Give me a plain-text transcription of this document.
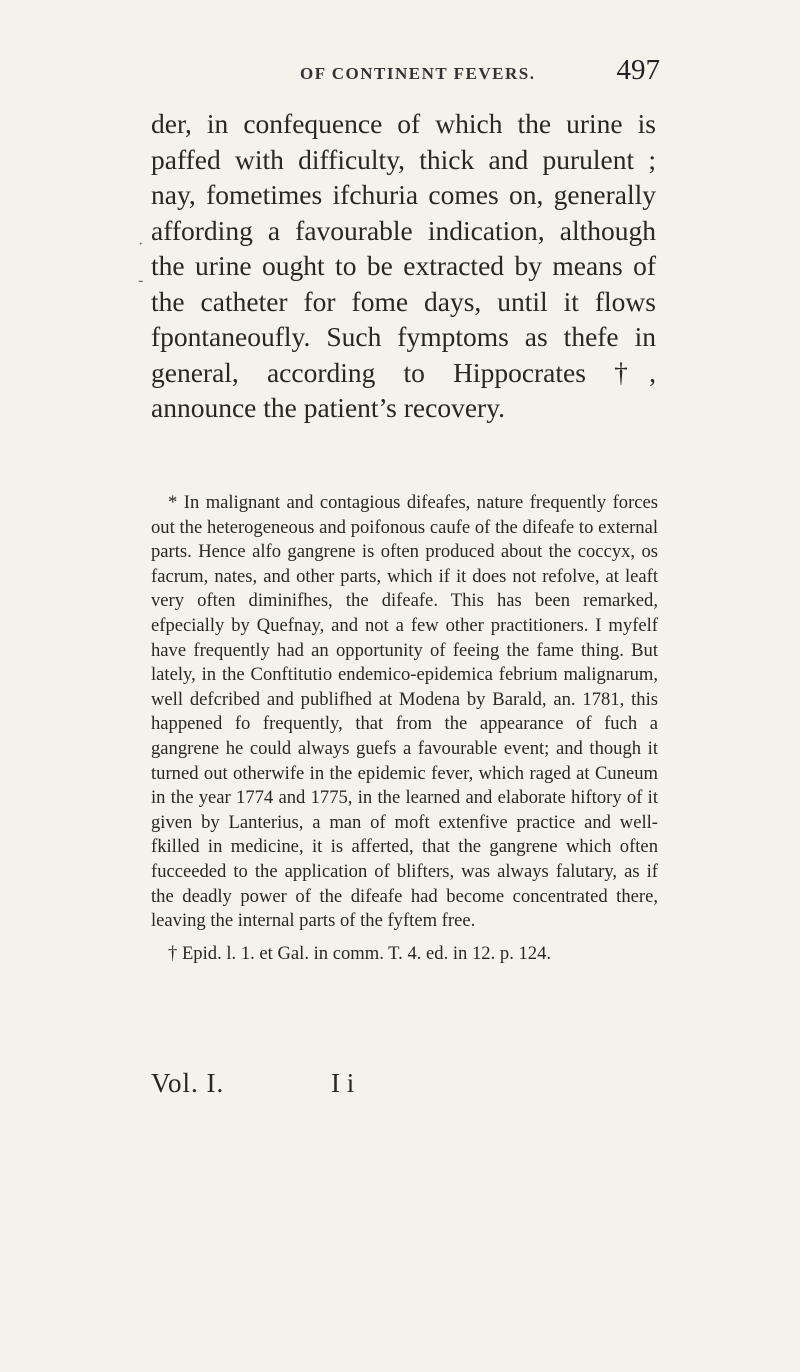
OF CONTINENT FEVERS.	497
·
-

der, in confequence of which the urine is paffed with difficulty, thick and purulent ; nay, fometimes ifchuria comes on, generally affording a favourable indication, although the urine ought to be extracted by means of the catheter for fome days, until it flows fpontaneoufly. Such fymptoms as thefe in general, according to Hippocrates †, announce the patient’s recovery.

* In malignant and contagious difeafes, nature frequently forces out the heterogeneous and poifonous caufe of the difeafe to external parts. Hence alfo gangrene is often produced about the coccyx, os facrum, nates, and other parts, which if it does not refolve, at leaft very often diminifhes, the difeafe. This has been remarked, efpecially by Quefnay, and not a few other practitioners. I myfelf have frequently had an opportunity of feeing the fame thing. But lately, in the Conftitutio endemico-epidemica febrium malignarum, well defcribed and publifhed at Modena by Barald, an. 1781, this happened fo frequently, that from the appearance of fuch a gangrene he could always guefs a favourable event; and though it turned out otherwife in the epidemic fever, which raged at Cuneum in the year 1774 and 1775, in the learned and elaborate hiftory of it given by Lanterius, a man of moft extenfive practice and well-fkilled in medicine, it is afferted, that the gangrene which often fucceeded to the application of blifters, was always falutary, as if the deadly power of the difeafe had become concentrated there, leaving the internal parts of the fyftem free.

† Epid. l. 1. et Gal. in comm. T. 4. ed. in 12. p. 124.

Vol. I.	I i
